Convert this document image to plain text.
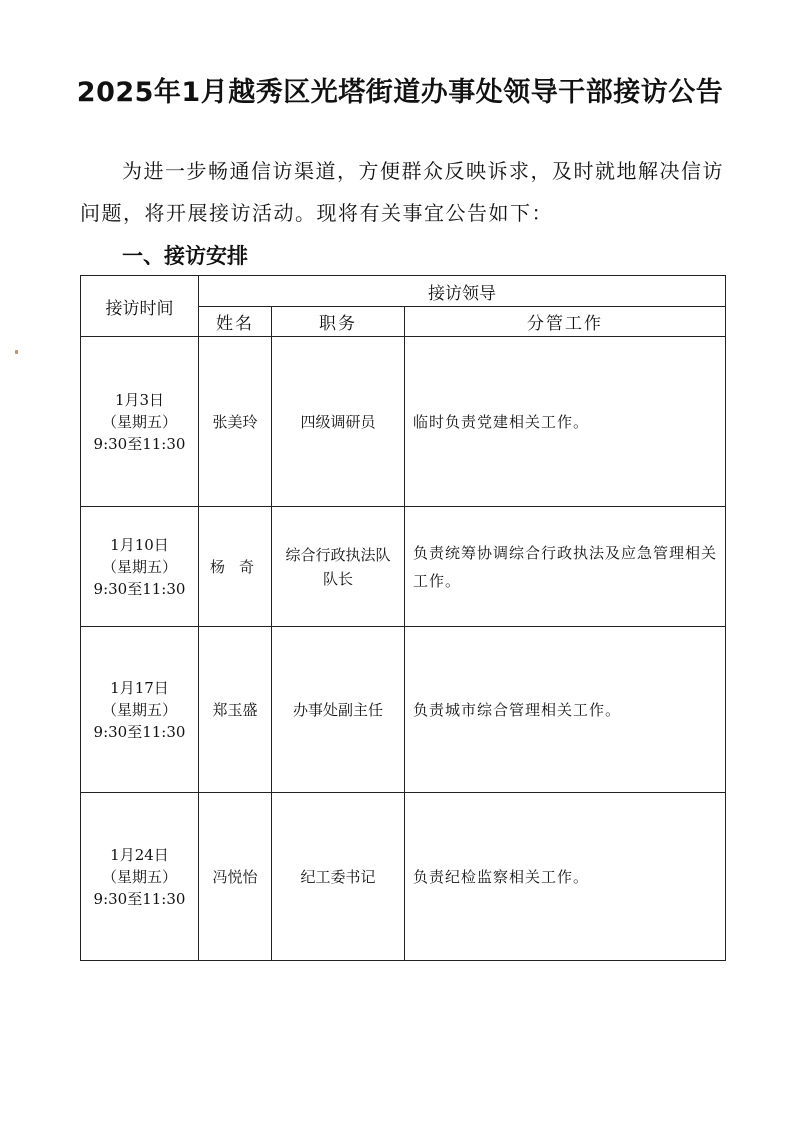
2025年1月越秀区光塔街道办事处领导干部接访公告
为进一步畅通信访渠道，方便群众反映诉求，及时就地解决信访问题，将开展接访活动。现将有关事宜公告如下：
一、接访安排
接访时间	接访领导		
	姓名	职务	分管工作

1月3日
（星期五）
9:30至11:30	张美玲	四级调研员	临时负责党建相关工作。

1月10日
（星期五）
9:30至11:30	杨奇	综合行政执法队队长	负责统筹协调综合行政执法及应急管理相关工作。

1月17日
（星期五）
9:30至11:30	郑玉盛	办事处副主任	负责城市综合管理相关工作。

1月24日
（星期五）
9:30至11:30	冯悦怡	纪工委书记	负责纪检监察相关工作。
